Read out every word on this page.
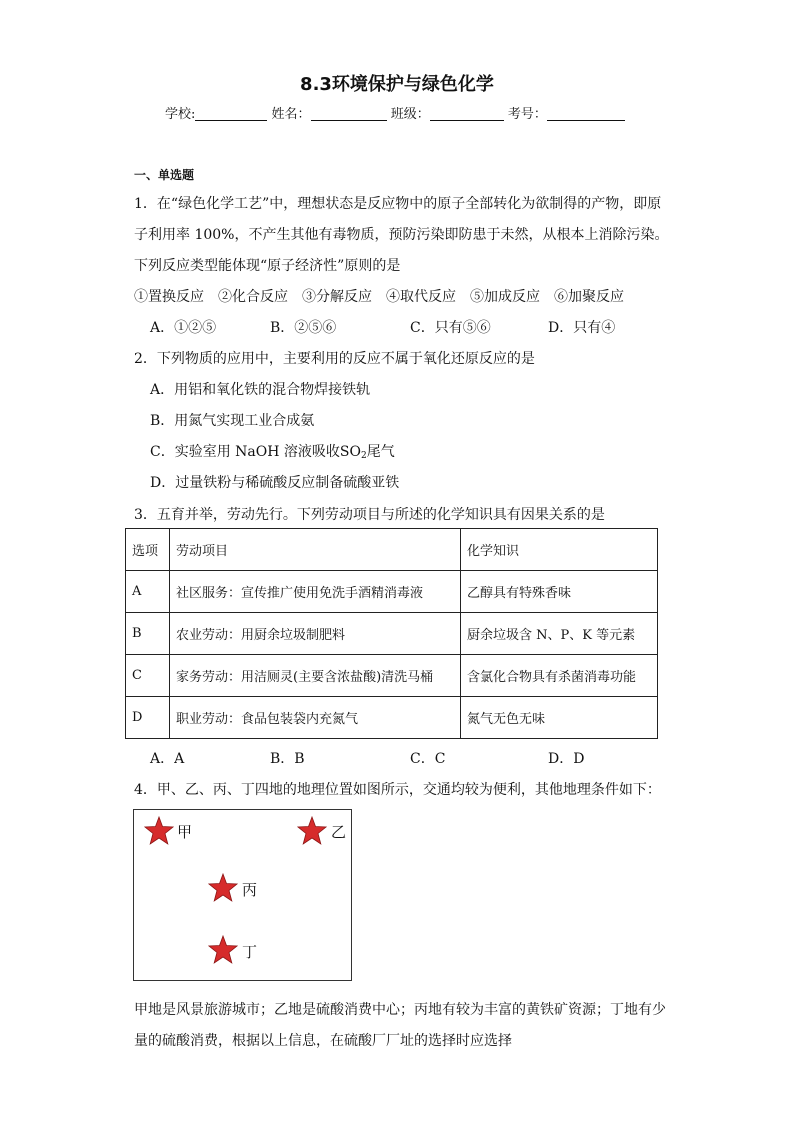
8.3环境保护与绿色化学
学校:	姓名：	班级：	考号：
一、单选题
1．在“绿色化学工艺”中，理想状态是反应物中的原子全部转化为欲制得的产物，即原
子利用率 100%，不产生其他有毒物质，预防污染即防患于未然，从根本上消除污染。
下列反应类型能体现“原子经济性”原则的是
①置换反应　②化合反应　③分解反应　④取代反应　⑤加成反应　⑥加聚反应
A．①②⑤	B．②⑤⑥	C．只有⑤⑥	D．只有④
2．下列物质的应用中，主要利用的反应不属于氧化还原反应的是
A．用铝和氧化铁的混合物焊接铁轨
B．用氮气实现工业合成氨
C．实验室用 NaOH 溶液吸收$SO_2$尾气
D．过量铁粉与稀硫酸反应制备硫酸亚铁
3．五育并举，劳动先行。下列劳动项目与所述的化学知识具有因果关系的是
选项	劳动项目	化学知识
A	社区服务：宣传推广使用免洗手酒精消毒液	乙醇具有特殊香味
B	农业劳动：用厨余垃圾制肥料	厨余垃圾含 N、P、K 等元素
C	家务劳动：用洁厕灵(主要含浓盐酸)清洗马桶	含氯化合物具有杀菌消毒功能
D	职业劳动：食品包装袋内充氮气	氮气无色无味
A．A	B．B	C．C	D．D
4．甲、乙、丙、丁四地的地理位置如图所示，交通均较为便利，其他地理条件如下：
甲	乙
丙
丁
甲地是风景旅游城市；乙地是硫酸消费中心；丙地有较为丰富的黄铁矿资源；丁地有少
量的硫酸消费，根据以上信息，在硫酸厂厂址的选择时应选择
